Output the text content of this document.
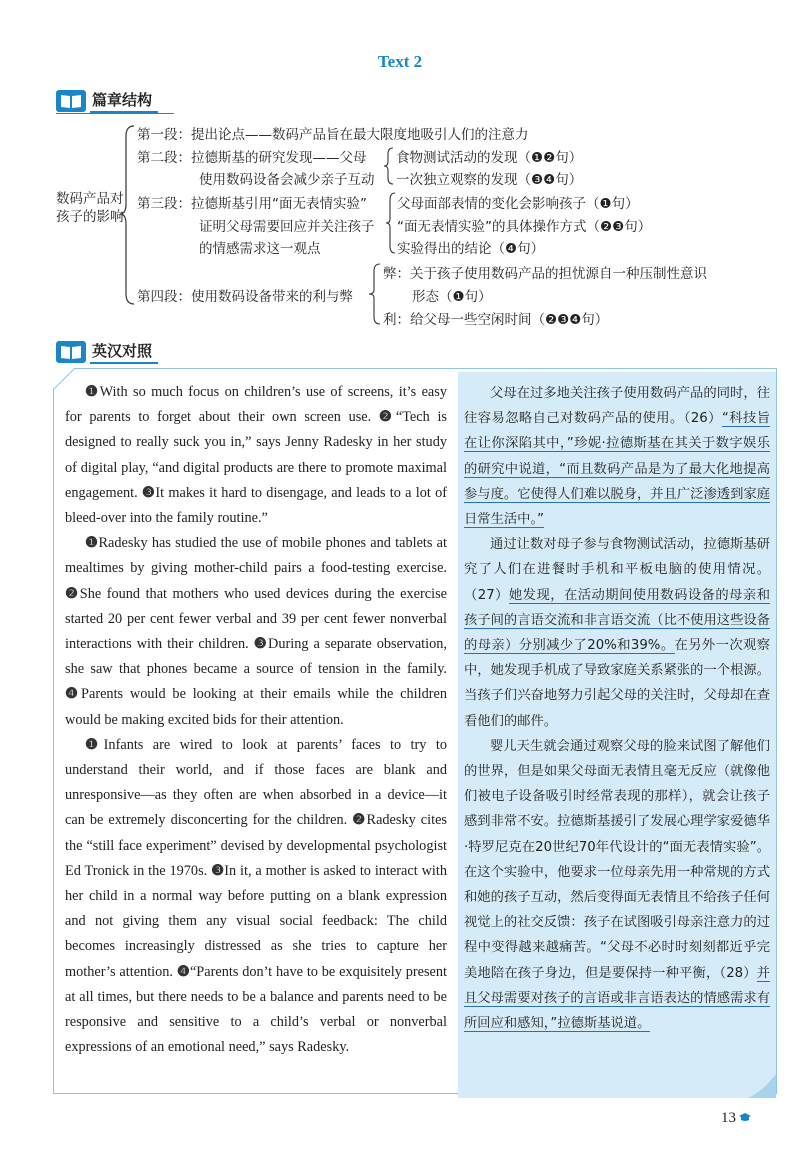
Text 2
篇章结构
数码产品对
孩子的影响
第一段：提出论点——数码产品旨在最大限度地吸引人们的注意力
第二段：拉德斯基的研究发现——父母
使用数码设备会减少亲子互动
食物测试活动的发现（❶❷句）
一次独立观察的发现（❸❹句）
第三段：拉德斯基引用“面无表情实验”
证明父母需要回应并关注孩子
的情感需求这一观点
父母面部表情的变化会影响孩子（❶句）
“面无表情实验”的具体操作方式（❷❸句）
实验得出的结论（❹句）
第四段：使用数码设备带来的利与弊
弊：关于孩子使用数码产品的担忧源自一种压制性意识
形态（❶句）
利：给父母一些空闲时间（❷❸❹句）
英汉对照

❶With so much focus on children’s use of screens, it’s easy for parents to forget about their own screen use. ❷“Tech is designed to really suck you in,” says Jenny Radesky in her study of digital play, “and digital products are there to promote maximal engagement. ❸It makes it hard to disengage, and leads to a lot of bleed-over into the family routine.”

❶Radesky has studied the use of mobile phones and tablets at mealtimes by giving mother-child pairs a food-testing exercise. ❷She found that mothers who used devices during the exercise started 20 per cent fewer verbal and 39 per cent fewer nonverbal interactions with their children. ❸During a separate observation, she saw that phones became a source of tension in the family. ❹Parents would be looking at their emails while the children would be making excited bids for their attention.

❶Infants are wired to look at parents’ faces to try to understand their world, and if those faces are blank and unresponsive—as they often are when absorbed in a device—it can be extremely disconcerting for the children. ❷Radesky cites the “still face experiment” devised by developmental psychologist Ed Tronick in the 1970s. ❸In it, a mother is asked to interact with her child in a normal way before putting on a blank expression and not giving them any visual social feedback: The child becomes increasingly distressed as she tries to capture her mother’s attention. ❹“Parents don’t have to be exquisitely present at all times, but there needs to be a balance and parents need to be responsive and sensitive to a child’s verbal or nonverbal expressions of an emotional need,” says Radesky.

父母在过多地关注孩子使用数码产品的同时，往往容易忽略自己对数码产品的使用。（26）“科技旨在让你深陷其中，”珍妮·拉德斯基在其关于数字娱乐的研究中说道，“而且数码产品是为了最大化地提高参与度。它使得人们难以脱身，并且广泛渗透到家庭日常生活中。”

通过让数对母子参与食物测试活动，拉德斯基研究了人们在进餐时手机和平板电脑的使用情况。（27）她发现，在活动期间使用数码设备的母亲和孩子间的言语交流和非言语交流（比不使用这些设备的母亲）分别减少了20%和39%。在另外一次观察中，她发现手机成了导致家庭关系紧张的一个根源。当孩子们兴奋地努力引起父母的关注时，父母却在查看他们的邮件。

婴儿天生就会通过观察父母的脸来试图了解他们的世界，但是如果父母面无表情且毫无反应（就像他们被电子设备吸引时经常表现的那样），就会让孩子感到非常不安。拉德斯基援引了发展心理学家爱德华·特罗尼克在20世纪70年代设计的“面无表情实验”。在这个实验中，他要求一位母亲先用一种常规的方式和她的孩子互动，然后变得面无表情且不给孩子任何视觉上的社交反馈：孩子在试图吸引母亲注意力的过程中变得越来越痛苦。“父母不必时时刻刻都近乎完美地陪在孩子身边，但是要保持一种平衡，（28）并且父母需要对孩子的言语或非言语表达的情感需求有所回应和感知，”拉德斯基说道。

13
